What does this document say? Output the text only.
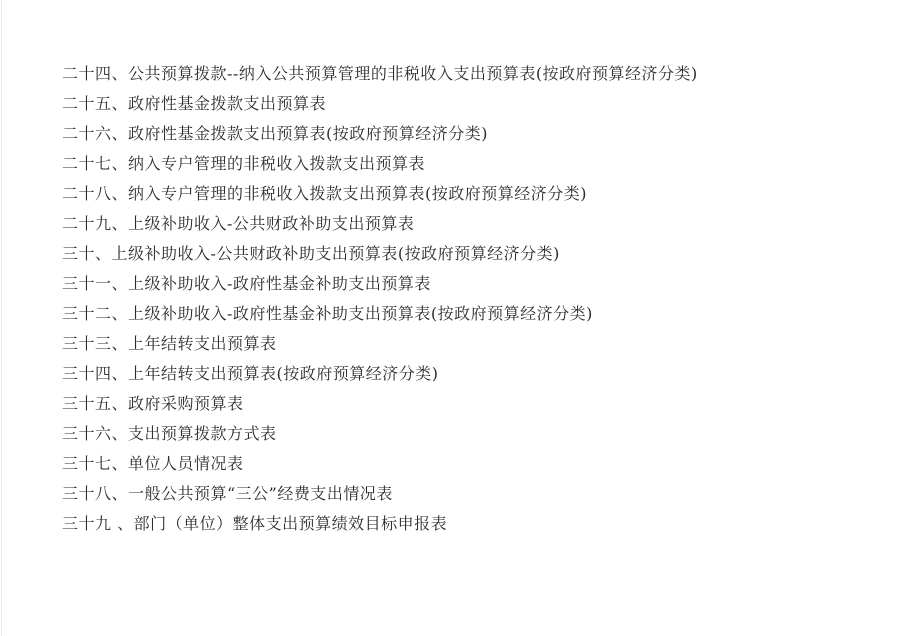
二十四、公共预算拨款--纳入公共预算管理的非税收入支出预算表(按政府预算经济分类)
二十五、政府性基金拨款支出预算表
二十六、政府性基金拨款支出预算表(按政府预算经济分类)
二十七、纳入专户管理的非税收入拨款支出预算表
二十八、纳入专户管理的非税收入拨款支出预算表(按政府预算经济分类)
二十九、上级补助收入-公共财政补助支出预算表
三十、上级补助收入-公共财政补助支出预算表(按政府预算经济分类)
三十一、上级补助收入-政府性基金补助支出预算表
三十二、上级补助收入-政府性基金补助支出预算表(按政府预算经济分类)
三十三、上年结转支出预算表
三十四、上年结转支出预算表(按政府预算经济分类)
三十五、政府采购预算表
三十六、支出预算拨款方式表
三十七、单位人员情况表
三十八、一般公共预算“三公”经费支出情况表
三十九 、部门（单位）整体支出预算绩效目标申报表
